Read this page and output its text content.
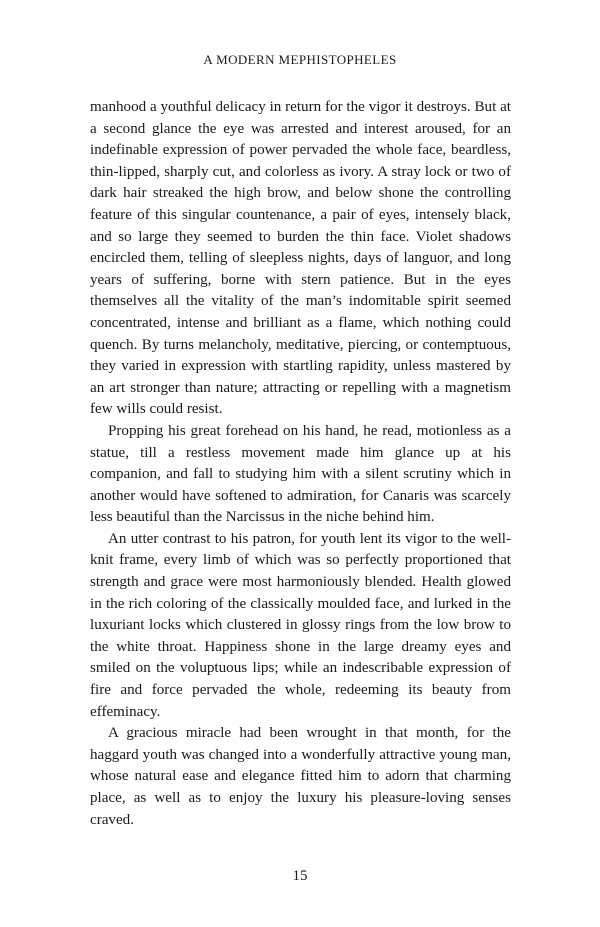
A MODERN MEPHISTOPHELES

manhood a youthful delicacy in return for the vigor it destroys. But at a second glance the eye was arrested and interest aroused, for an indefinable expression of power pervaded the whole face, beardless, thin-lipped, sharply cut, and colorless as ivory. A stray lock or two of dark hair streaked the high brow, and below shone the controlling feature of this singular countenance, a pair of eyes, intensely black, and so large they seemed to burden the thin face. Violet shadows encircled them, telling of sleepless nights, days of languor, and long years of suffering, borne with stern patience. But in the eyes themselves all the vitality of the man’s indomitable spirit seemed concentrated, intense and brilliant as a flame, which nothing could quench. By turns melancholy, meditative, piercing, or contemptuous, they varied in expression with startling rapidity, unless mastered by an art stronger than nature; attracting or repelling with a magnetism few wills could resist.

Propping his great forehead on his hand, he read, motionless as a statue, till a restless movement made him glance up at his companion, and fall to studying him with a silent scrutiny which in another would have softened to admiration, for Canaris was scarcely less beautiful than the Narcissus in the niche behind him.

An utter contrast to his patron, for youth lent its vigor to the well-knit frame, every limb of which was so perfectly proportioned that strength and grace were most harmoniously blended. Health glowed in the rich coloring of the classically moulded face, and lurked in the luxuriant locks which clustered in glossy rings from the low brow to the white throat. Happiness shone in the large dreamy eyes and smiled on the voluptuous lips; while an indescribable expression of fire and force pervaded the whole, redeeming its beauty from effeminacy.

A gracious miracle had been wrought in that month, for the haggard youth was changed into a wonderfully attractive young man, whose natural ease and elegance fitted him to adorn that charming place, as well as to enjoy the luxury his pleasure-loving senses craved.

15
